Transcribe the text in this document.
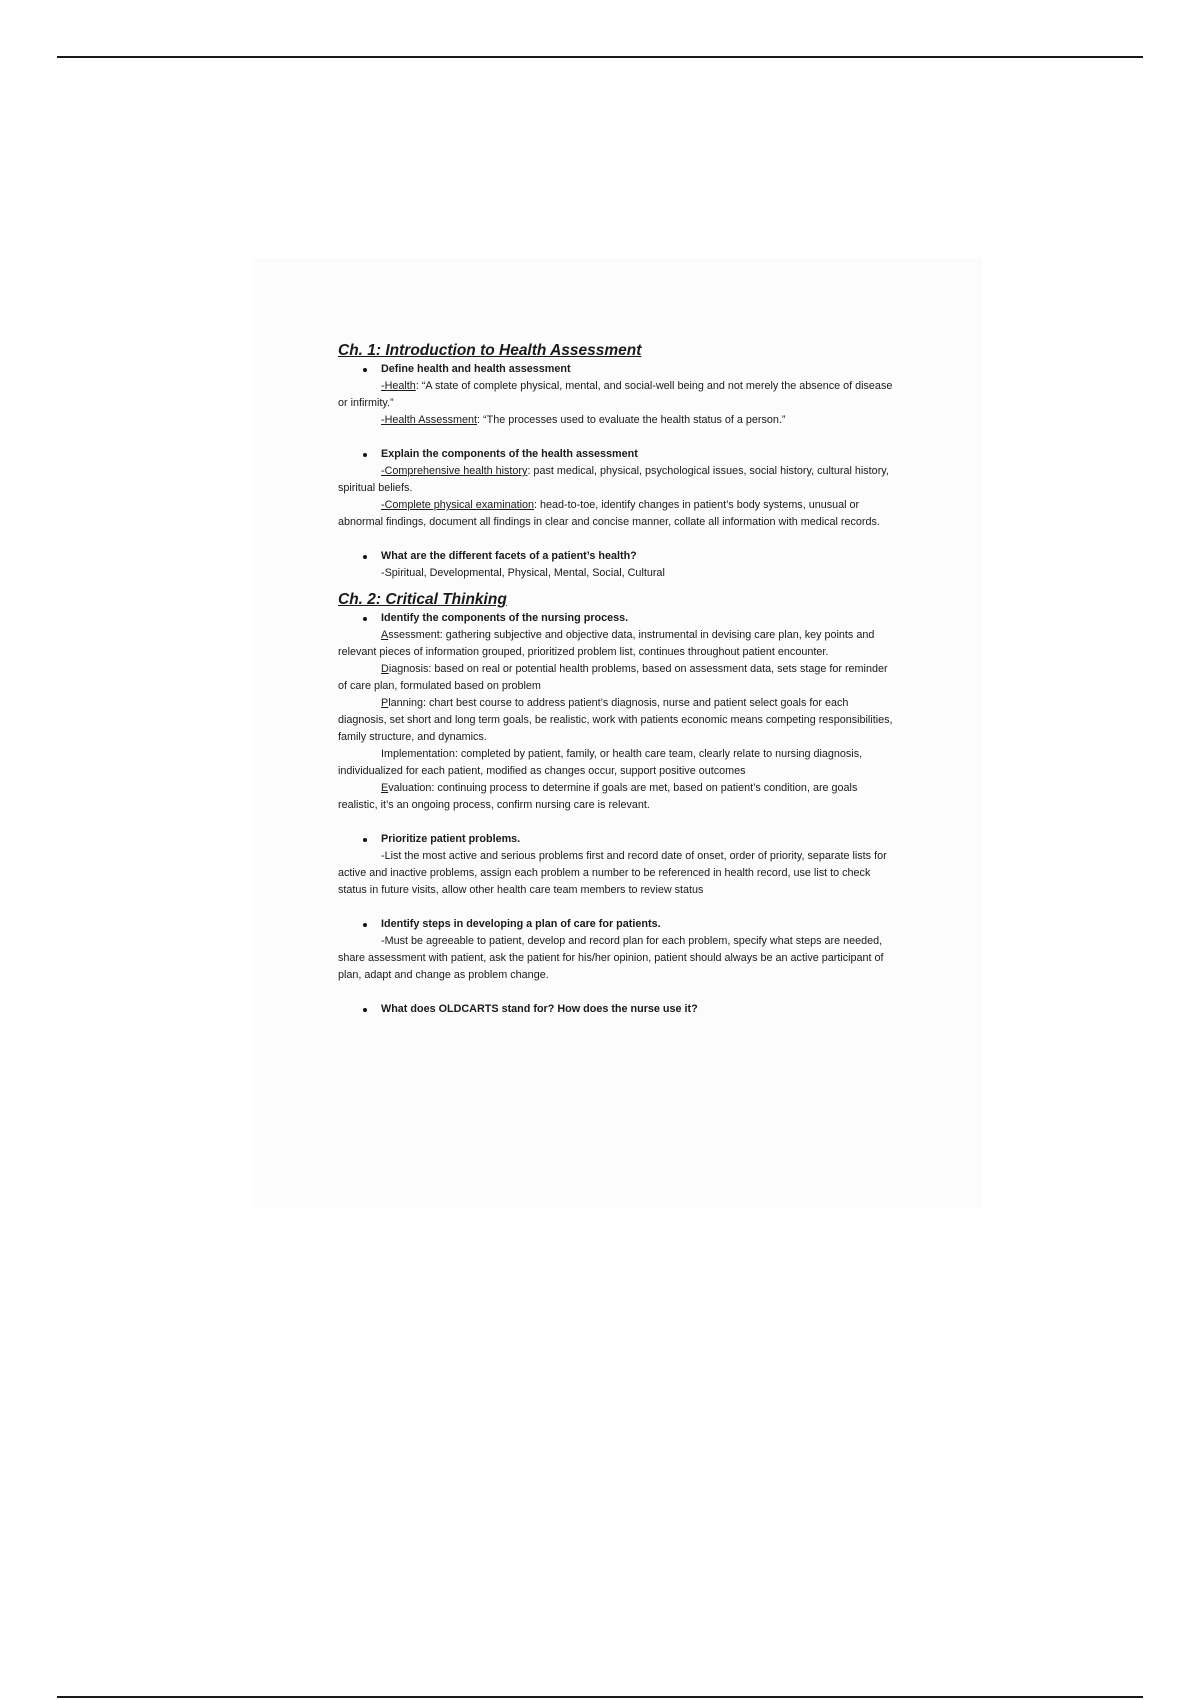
Ch. 1: Introduction to Health Assessment
Define health and health assessment

-Health: “A state of complete physical, mental, and social-well being and not merely the absence of disease or infirmity.”

-Health Assessment: “The processes used to evaluate the health status of a person.”

Explain the components of the health assessment

-Comprehensive health history: past medical, physical, psychological issues, social history, cultural history, spiritual beliefs.

-Complete physical examination: head-to-toe, identify changes in patient’s body systems, unusual or abnormal findings, document all findings in clear and concise manner, collate all information with medical records.

What are the different facets of a patient’s health?

-Spiritual, Developmental, Physical, Mental, Social, Cultural

Ch. 2: Critical Thinking
Identify the components of the nursing process.

Assessment: gathering subjective and objective data, instrumental in devising care plan, key points and relevant pieces of information grouped, prioritized problem list, continues throughout patient encounter.

Diagnosis: based on real or potential health problems, based on assessment data, sets stage for reminder of care plan, formulated based on problem

Planning: chart best course to address patient’s diagnosis, nurse and patient select goals for each diagnosis, set short and long term goals, be realistic, work with patients economic means competing responsibilities, family structure, and dynamics.

Implementation: completed by patient, family, or health care team, clearly relate to nursing diagnosis, individualized for each patient, modified as changes occur, support positive outcomes

Evaluation: continuing process to determine if goals are met, based on patient’s condition, are goals realistic, it’s an ongoing process, confirm nursing care is relevant.

Prioritize patient problems.

-List the most active and serious problems first and record date of onset, order of priority, separate lists for active and inactive problems, assign each problem a number to be referenced in health record, use list to check status in future visits, allow other health care team members to review status

Identify steps in developing a plan of care for patients.

-Must be agreeable to patient, develop and record plan for each problem, specify what steps are needed, share assessment with patient, ask the patient for his/her opinion, patient should always be an active participant of plan, adapt and change as problem change.

What does OLDCARTS stand for? How does the nurse use it?
